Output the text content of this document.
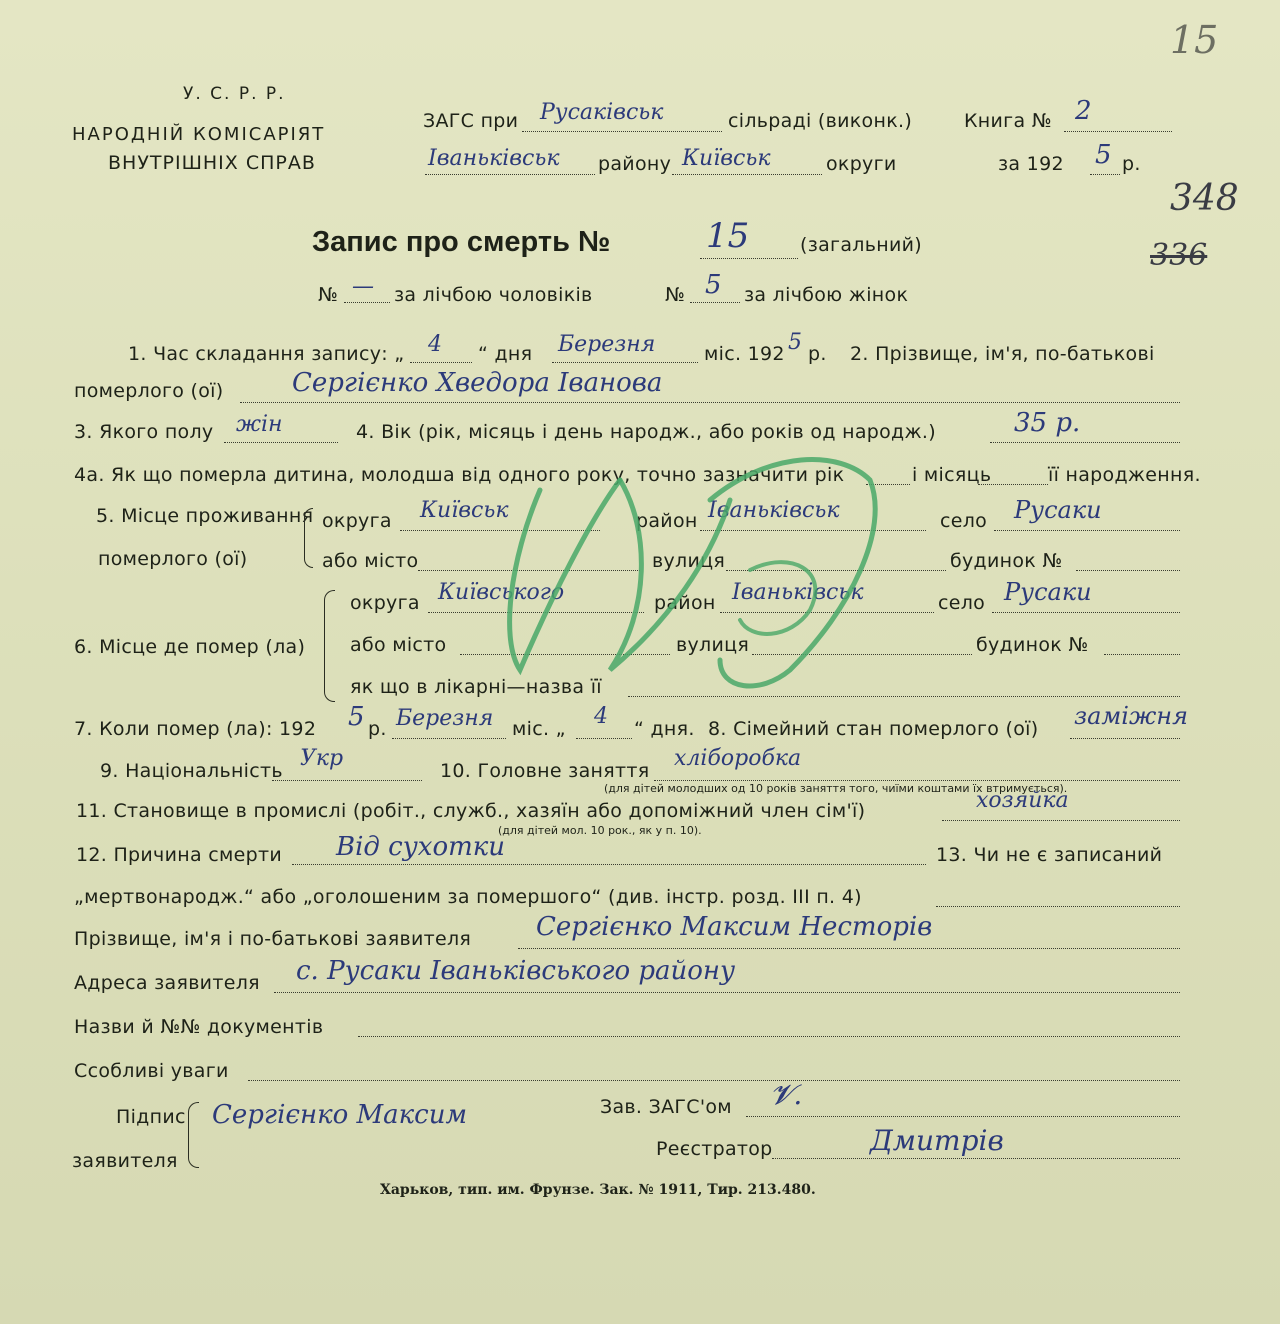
У. С. Р. Р.
НАРОДНІЙ КОМІСАРІЯТ
ВНУТРІШНІХ СПРАВ
15
348
336
ЗАГС при Русаківськ	сільраді (виконк.)	Книга № 2
Іваньківськ району Київськ	округи	за 192 5 р.
Запис про смерть №	15	(загальний)
№ — за лічбою чоловіків	№ 5 за лічбою жінок
1. Час складання запису: „ 4 “ дня Березня	міс. 192 5 р. 2. Прізвище, ім'я, по-батькові
померлого (ої)	Сергієнко Хведора Іванова
3. Якого полу жін	4. Вік (рік, місяць і день народж., або років од народж.)	35 р.
4а. Як що померла дитина, молодша від одного року, точно зазначити рік	і місяць	її народження.
5. Місце проживання
померлого (ої)
округа Київськ	район Іваньківськ	село Русаки
або місто	вулиця	будинок №
6. Місце де помер (ла)
округа Київського	район Іваньківськ	село Русаки
або місто	вулиця	будинок №
як що в лікарні—назва її
7. Коли помер (ла): 192 5 р. Березня міс. „ 4 “ дня. 8. Сімейний стан померлого (ої) заміжня
9. Національність Укр	10. Головне заняття хліборобка
(для дітей молодших од 10 років заняття того, чиїми коштами їх втримується).
11. Становище в промислі (робіт., служб., хазяїн або допоміжний член сім'ї)	хозяйка
(для дітей мол. 10 рок., як у п. 10).
12. Причина смерти Від сухотки	13. Чи не є записаний
„мертвонародж.“ або „оголошеним за помершого“ (див. інстр. розд. III п. 4)
Прізвище, ім'я і по-батькові заявителя Сергієнко Максим Несторів
Адреса заявителя с. Русаки Іваньківського району
Назви й №№ документів
Ссобливі уваги
Підпис
заявителя
Сергієнко Максим	Зав. ЗАГС'ом 𝓥.
Реєстратор	Дмитрів
Харьков, тип. им. Фрунзе. Зак. № 1911, Тир. 213.480.
